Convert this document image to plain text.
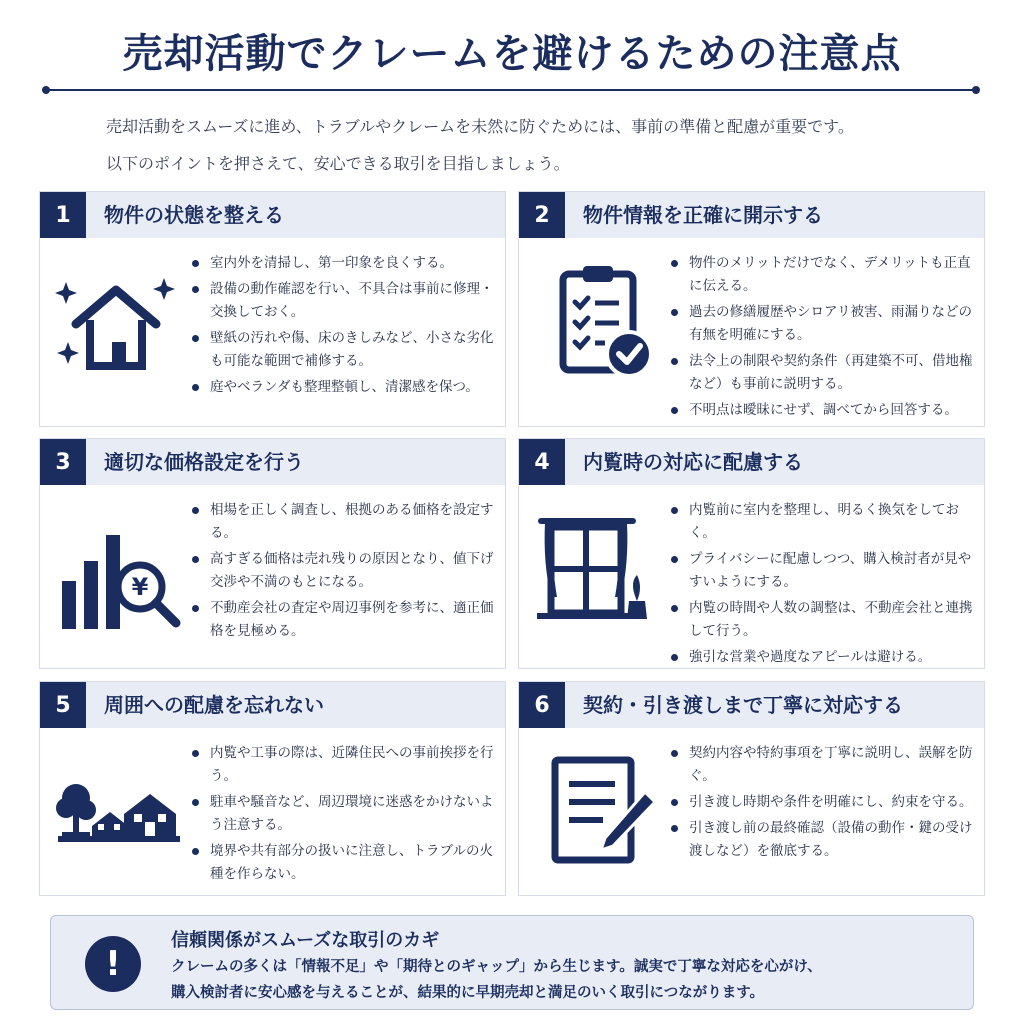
売却活動でクレームを避けるための注意点
売却活動をスムーズに進め、トラブルやクレームを未然に防ぐためには、事前の準備と配慮が重要です。
以下のポイントを押さえて、安心できる取引を目指しましょう。
1	物件の状態を整える
室内外を清掃し、第一印象を良くする。
設備の動作確認を行い、不具合は事前に修理・交換しておく。
壁紙の汚れや傷、床のきしみなど、小さな劣化も可能な範囲で補修する。
庭やベランダも整理整頓し、清潔感を保つ。
2	物件情報を正確に開示する
物件のメリットだけでなく、デメリットも正直に伝える。
過去の修繕履歴やシロアリ被害、雨漏りなどの有無を明確にする。
法令上の制限や契約条件（再建築不可、借地権など）も事前に説明する。
不明点は曖昧にせず、調べてから回答する。
3	適切な価格設定を行う
¥
相場を正しく調査し、根拠のある価格を設定する。
高すぎる価格は売れ残りの原因となり、値下げ交渉や不満のもとになる。
不動産会社の査定や周辺事例を参考に、適正価格を見極める。
4	内覧時の対応に配慮する
内覧前に室内を整理し、明るく換気をしておく。
プライバシーに配慮しつつ、購入検討者が見やすいようにする。
内覧の時間や人数の調整は、不動産会社と連携して行う。
強引な営業や過度なアピールは避ける。
5	周囲への配慮を忘れない
内覧や工事の際は、近隣住民への事前挨拶を行う。
駐車や騒音など、周辺環境に迷惑をかけないよう注意する。
境界や共有部分の扱いに注意し、トラブルの火種を作らない。
6	契約・引き渡しまで丁寧に対応する
契約内容や特約事項を丁寧に説明し、誤解を防ぐ。
引き渡し時期や条件を明確にし、約束を守る。
引き渡し前の最終確認（設備の動作・鍵の受け渡しなど）を徹底する。
!
信頼関係がスムーズな取引のカギ
クレームの多くは「情報不足」や「期待とのギャップ」から生じます。誠実で丁寧な対応を心がけ、
購入検討者に安心感を与えることが、結果的に早期売却と満足のいく取引につながります。
